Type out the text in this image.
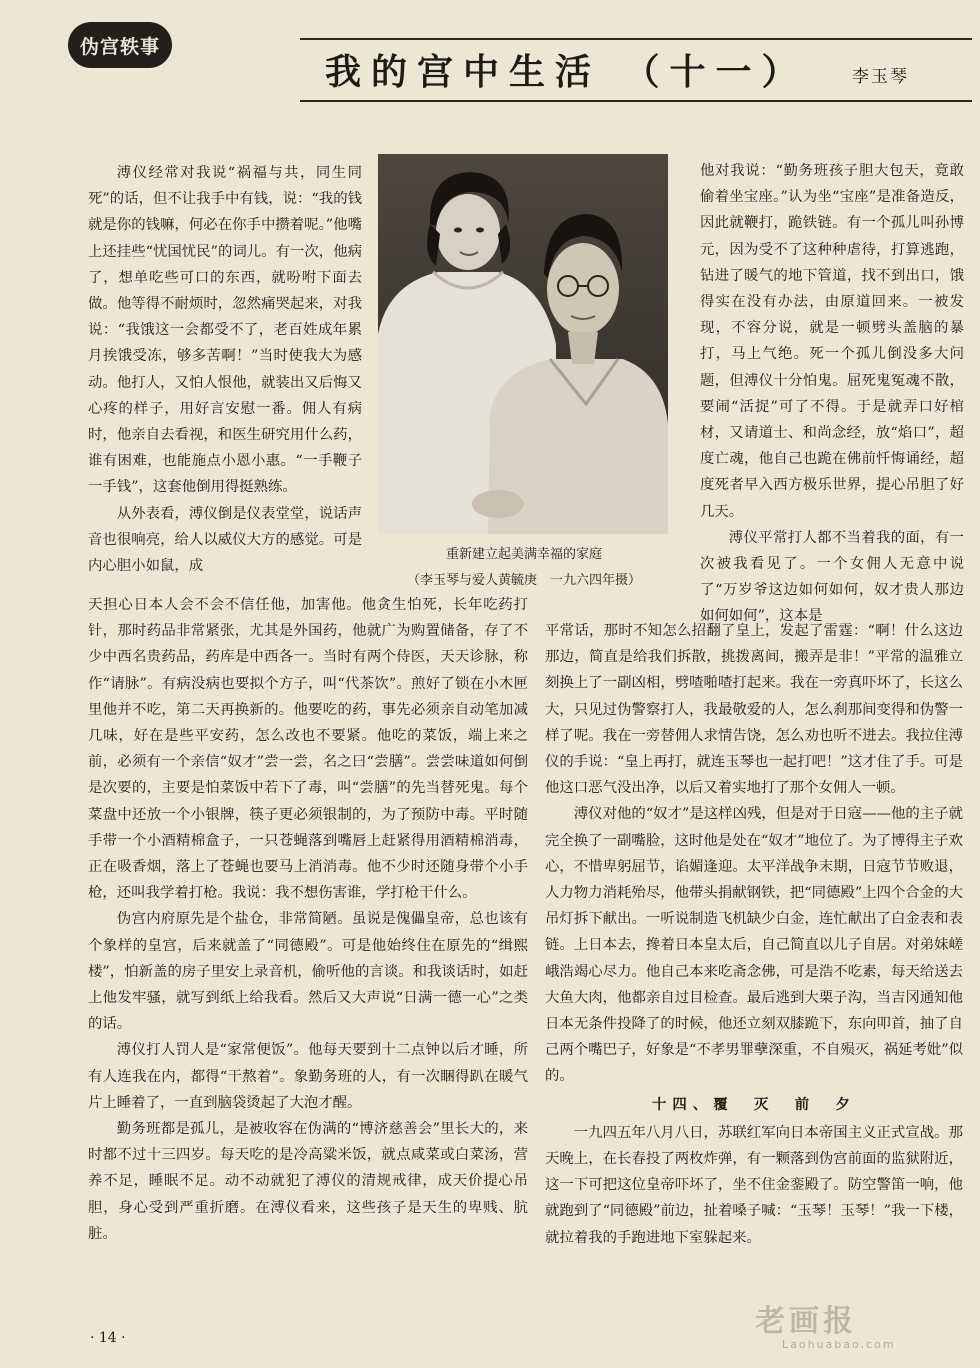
伪宫轶事
我的宫中生活 （十一）	李玉琴

溥仪经常对我说“祸福与共，同生同死”的话，但不让我手中有钱，说：“我的钱就是你的钱嘛，何必在你手中攒着呢。”他嘴上还挂些“忧国忧民”的词儿。有一次，他病了，想单吃些可口的东西，就吩咐下面去做。他等得不耐烦时，忽然痛哭起来，对我说：“我饿这一会都受不了，老百姓成年累月挨饿受冻，够多苦啊！”当时使我大为感动。他打人，又怕人恨他，就装出又后悔又心疼的样子，用好言安慰一番。佣人有病时，他亲自去看视，和医生研究用什么药，谁有困难，也能施点小恩小惠。“一手鞭子一手钱”，这套他倒用得挺熟练。

从外表看，溥仪倒是仪表堂堂，说话声音也很响亮，给人以威仪大方的感觉。可是内心胆小如鼠，成

重新建立起美满幸福的家庭
（李玉琴与爱人黄毓庚　一九六四年摄）

他对我说：“勤务班孩子胆大包天，竟敢偷着坐宝座。”认为坐“宝座”是准备造反，因此就鞭打，跪铁链。有一个孤儿叫孙博元，因为受不了这种种虐待，打算逃跑，钻进了暖气的地下管道，找不到出口，饿得实在没有办法，由原道回来。一被发现，不容分说，就是一顿劈头盖脑的暴打，马上气绝。死一个孤儿倒没多大问题，但溥仪十分怕鬼。屈死鬼冤魂不散，要闹“活捉”可了不得。于是就弄口好棺材，又请道士、和尚念经，放“焰口”，超度亡魂，他自己也跪在佛前忏悔诵经，超度死者早入西方极乐世界，提心吊胆了好几天。

溥仪平常打人都不当着我的面，有一次被我看见了。一个女佣人无意中说了“万岁爷这边如何如何，奴才贵人那边如何如何”，这本是

天担心日本人会不会不信任他，加害他。他贪生怕死，长年吃药打针，那时药品非常紧张，尤其是外国药，他就广为购置储备，存了不少中西名贵药品，药库是中西各一。当时有两个侍医，天天诊脉，称作“请脉”。有病没病也要拟个方子，叫“代茶饮”。煎好了锁在小木匣里他并不吃，第二天再换新的。他要吃的药，事先必须亲自动笔加减几味，好在是些平安药，怎么改也不要紧。他吃的菜饭，端上来之前，必须有一个亲信“奴才”尝一尝，名之曰“尝膳”。尝尝味道如何倒是次要的，主要是怕菜饭中若下了毒，叫“尝膳”的先当替死鬼。每个菜盘中还放一个小银牌，筷子更必须银制的，为了预防中毒。平时随手带一个小酒精棉盒子，一只苍蝇落到嘴唇上赶紧得用酒精棉消毒，正在吸香烟，落上了苍蝇也要马上消消毒。他不少时还随身带个小手枪，还叫我学着打枪。我说：我不想伤害谁，学打枪干什么。

伪宫内府原先是个盐仓，非常简陋。虽说是傀儡皇帝，总也该有个象样的皇宫，后来就盖了“同德殿”。可是他始终住在原先的“缉熙楼”，怕新盖的房子里安上录音机，偷听他的言谈。和我谈话时，如赶上他发牢骚，就写到纸上给我看。然后又大声说“日满一德一心”之类的话。

溥仪打人罚人是“家常便饭”。他每天要到十二点钟以后才睡，所有人连我在内，都得“干熬着”。象勤务班的人，有一次睏得趴在暖气片上睡着了，一直到脑袋烫起了大泡才醒。

勤务班都是孤儿，是被收容在伪满的“博济慈善会”里长大的，来时都不过十三四岁。每天吃的是冷高粱米饭，就点咸菜或白菜汤，营养不足，睡眠不足。动不动就犯了溥仪的清规戒律，成天价提心吊胆，身心受到严重折磨。在溥仪看来，这些孩子是天生的卑贱、肮脏。

平常话，那时不知怎么招翻了皇上，发起了雷霆：“啊！什么这边那边，简直是给我们拆散，挑拨离间，搬弄是非！”平常的温雅立刻换上了一副凶相，劈喳啪喳打起来。我在一旁真吓坏了，长这么大，只见过伪警察打人，我最敬爱的人，怎么刹那间变得和伪警一样了呢。我在一旁替佣人求情告饶，怎么劝也听不进去。我拉住溥仪的手说：“皇上再打，就连玉琴也一起打吧！”这才住了手。可是他这口恶气没出净，以后又着实地打了那个女佣人一顿。

溥仪对他的“奴才”是这样凶残，但是对于日寇——他的主子就完全换了一副嘴脸，这时他是处在“奴才”地位了。为了博得主子欢心，不惜卑躬屈节，谄媚逢迎。太平洋战争末期，日寇节节败退，人力物力消耗殆尽，他带头捐献钢铁，把“同德殿”上四个合金的大吊灯拆下献出。一听说制造飞机缺少白金，连忙献出了白金表和表链。上日本去，搀着日本皇太后，自己简直以儿子自居。对弟妹嵯峨浩竭心尽力。他自己本来吃斋念佛，可是浩不吃素，每天给送去大鱼大肉，他都亲自过目检查。最后逃到大栗子沟，当吉冈通知他日本无条件投降了的时候，他还立刻双膝跪下，东向叩首，抽了自己两个嘴巴子，好象是“不孝男罪孽深重，不自殒灭，祸延考妣”似的。

十四、覆　灭　前　夕

一九四五年八月八日，苏联红军向日本帝国主义正式宣战。那天晚上，在长春投了两枚炸弹，有一颗落到伪宫前面的监狱附近，这一下可把这位皇帝吓坏了，坐不住金銮殿了。防空警笛一响，他就跑到了“同德殿”前边，扯着嗓子喊：“玉琴！玉琴！”我一下楼，就拉着我的手跑进地下室躲起来。

· 14 ·	老画报
Laohuabao.com
